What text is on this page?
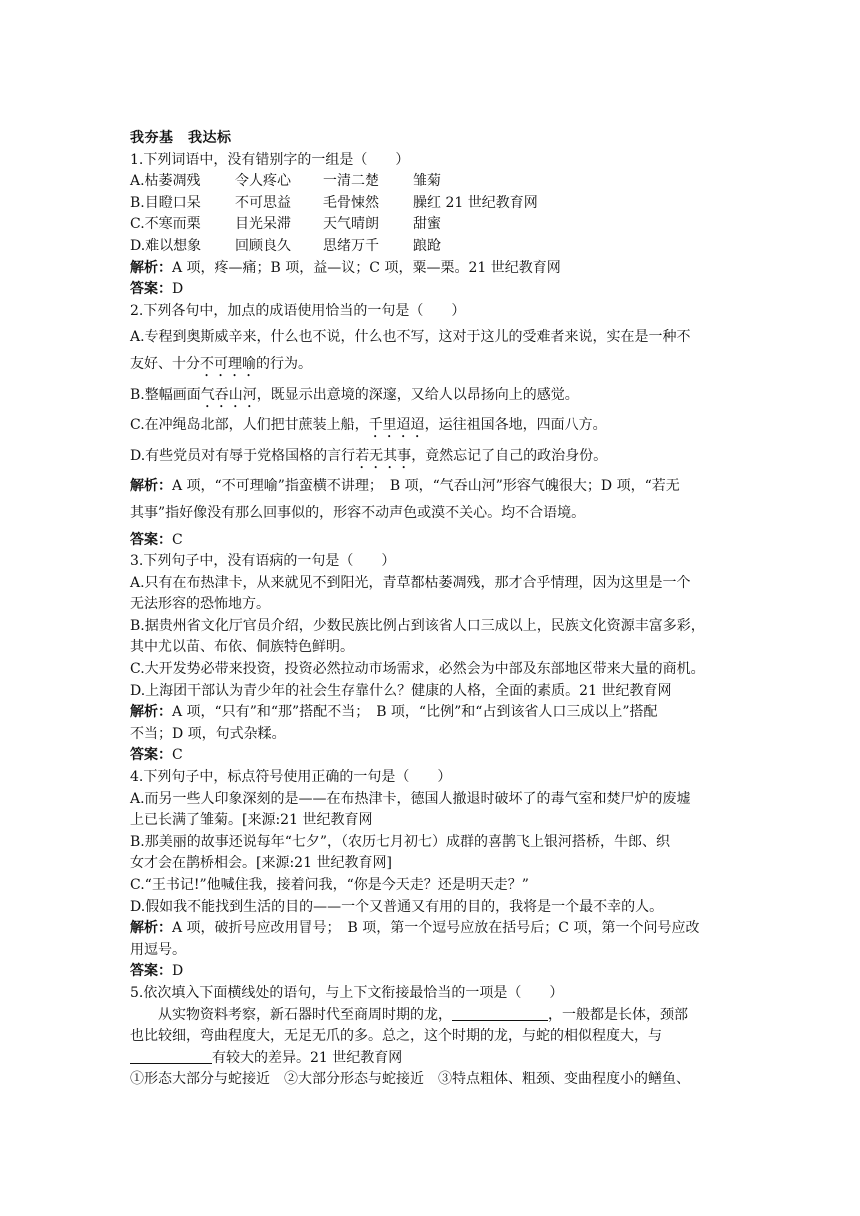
我夯基　我达标
1.下列词语中，没有错别字的一组是（　　）
A.枯萎凋残 令人疼心 一清二楚 雏菊
B.目瞪口呆 不可思益 毛骨悚然 臊红 21 世纪教育网
C.不寒而栗 目光呆滞 天气晴朗 甜蜜
D.难以想象 回顾良久 思绪万千 踉跄
解析：A 项，疼—痛；B 项，益—议；C 项，粟—栗。21 世纪教育网
答案：D
2.下列各句中，加点的成语使用恰当的一句是（　　）
A.专程到奥斯威辛来，什么也不说，什么也不写，这对于这儿的受难者来说，实在是一种不
友好、十分不可理喻的行为。
B.整幅画面气吞山河，既显示出意境的深邃，又给人以昂扬向上的感觉。
C.在冲绳岛北部，人们把甘蔗装上船，千里迢迢，运往祖国各地，四面八方。
D.有些党员对有辱于党格国格的言行若无其事，竟然忘记了自己的政治身份。
解析：A 项，“不可理喻”指蛮横不讲理；　B 项，“气吞山河”形容气魄很大；D 项，“若无
其事”指好像没有那么回事似的，形容不动声色或漠不关心。均不合语境。
答案：C
3.下列句子中，没有语病的一句是（　　）
A.只有在布热津卡，从来就见不到阳光，青草都枯萎凋残，那才合乎情理，因为这里是一个
无法形容的恐怖地方。
B.据贵州省文化厅官员介绍，少数民族比例占到该省人口三成以上，民族文化资源丰富多彩，
其中尤以苗、布依、侗族特色鲜明。
C.大开发势必带来投资，投资必然拉动市场需求，必然会为中部及东部地区带来大量的商机。
D.上海团干部认为青少年的社会生存靠什么？健康的人格，全面的素质。21 世纪教育网
解析：A 项，“只有”和“那”搭配不当；　B 项，“比例”和“占到该省人口三成以上”搭配
不当；D 项，句式杂糅。
答案：C
4.下列句子中，标点符号使用正确的一句是（　　）
A.而另一些人印象深刻的是——在布热津卡，德国人撤退时破坏了的毒气室和焚尸炉的废墟
上已长满了雏菊。[来源:21 世纪教育网
B.那美丽的故事还说每年“七夕”，（农历七月初七）成群的喜鹊飞上银河搭桥，牛郎、织
女才会在鹊桥相会。[来源:21 世纪教育网]
C.“王书记!”他喊住我，接着问我，“你是今天走？还是明天走？”
D.假如我不能找到生活的目的——一个又普通又有用的目的，我将是一个最不幸的人。
解析：A 项，破折号应改用冒号；　B 项，第一个逗号应放在括号后；C 项，第一个问号应改
用逗号。
答案：D
5.依次填入下面横线处的语句，与上下文衔接最恰当的一项是（　　）
从实物资料考察，新石器时代至商周时期的龙，	，一般都是长体，颈部
也比较细，弯曲程度大，无足无爪的多。总之，这个时期的龙，与蛇的相似程度大，与
有较大的差异。21 世纪教育网
①形态大部分与蛇接近　②大部分形态与蛇接近　③特点粗体、粗颈、变曲程度小的鳝鱼、
